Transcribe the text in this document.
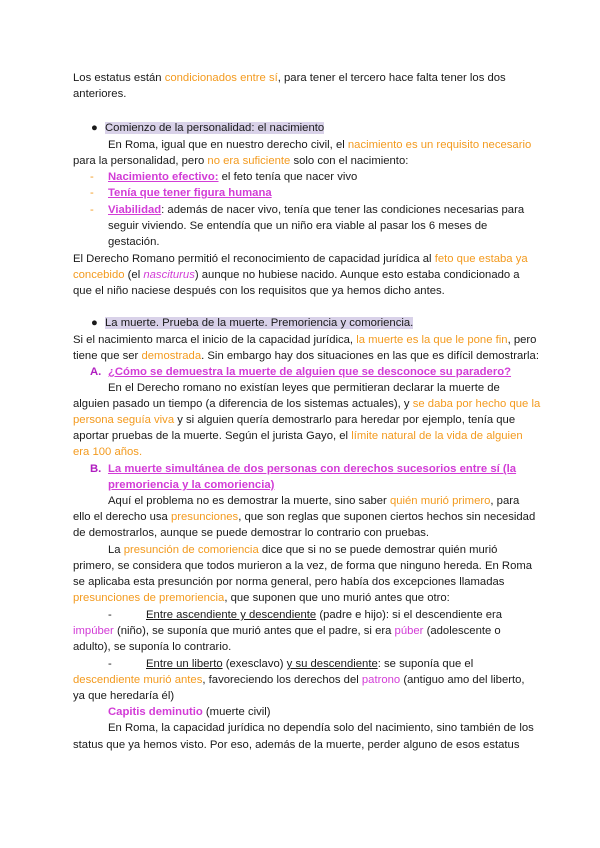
Los estatus están condicionados entre sí, para tener el tercero hace falta tener los dos
anteriores.
● Comienzo de la personalidad: el nacimiento
En Roma, igual que en nuestro derecho civil, el nacimiento es un requisito necesario
para la personalidad, pero no era suficiente solo con el nacimiento:
- Nacimiento efectivo: el feto tenía que nacer vivo
- Tenía que tener figura humana
- Viabilidad: además de nacer vivo, tenía que tener las condiciones necesarias para
seguir viviendo. Se entendía que un niño era viable al pasar los 6 meses de
gestación.
El Derecho Romano permitió el reconocimiento de capacidad jurídica al feto que estaba ya
concebido (el nasciturus) aunque no hubiese nacido. Aunque esto estaba condicionado a
que el niño naciese después con los requisitos que ya hemos dicho antes.
● La muerte. Prueba de la muerte. Premoriencia y comoriencia.
Si el nacimiento marca el inicio de la capacidad jurídica, la muerte es la que le pone fin, pero
tiene que ser demostrada. Sin embargo hay dos situaciones en las que es difícil demostrarla:
A. ¿Cómo se demuestra la muerte de alguien que se desconoce su paradero?
En el Derecho romano no existían leyes que permitieran declarar la muerte de
alguien pasado un tiempo (a diferencia de los sistemas actuales), y se daba por hecho que la
persona seguía viva y si alguien quería demostrarlo para heredar por ejemplo, tenía que
aportar pruebas de la muerte. Según el jurista Gayo, el límite natural de la vida de alguien
era 100 años.
B. La muerte simultánea de dos personas con derechos sucesorios entre sí (la
premoriencia y la comoriencia)
Aquí el problema no es demostrar la muerte, sino saber quién murió primero, para
ello el derecho usa presunciones, que son reglas que suponen ciertos hechos sin necesidad
de demostrarlos, aunque se puede demostrar lo contrario con pruebas.
La presunción de comoriencia dice que si no se puede demostrar quién murió
primero, se considera que todos murieron a la vez, de forma que ninguno hereda. En Roma
se aplicaba esta presunción por norma general, pero había dos excepciones llamadas
presunciones de premoriencia, que suponen que uno murió antes que otro:
-	Entre ascendiente y descendiente (padre e hijo): si el descendiente era
impúber (niño), se suponía que murió antes que el padre, si era púber (adolescente o
adulto), se suponía lo contrario.
-	Entre un liberto (exesclavo) y su descendiente: se suponía que el
descendiente murió antes, favoreciendo los derechos del patrono (antiguo amo del liberto,
ya que heredaría él)
Capitis deminutio (muerte civil)
En Roma, la capacidad jurídica no dependía solo del nacimiento, sino también de los
status que ya hemos visto. Por eso, además de la muerte, perder alguno de esos estatus
